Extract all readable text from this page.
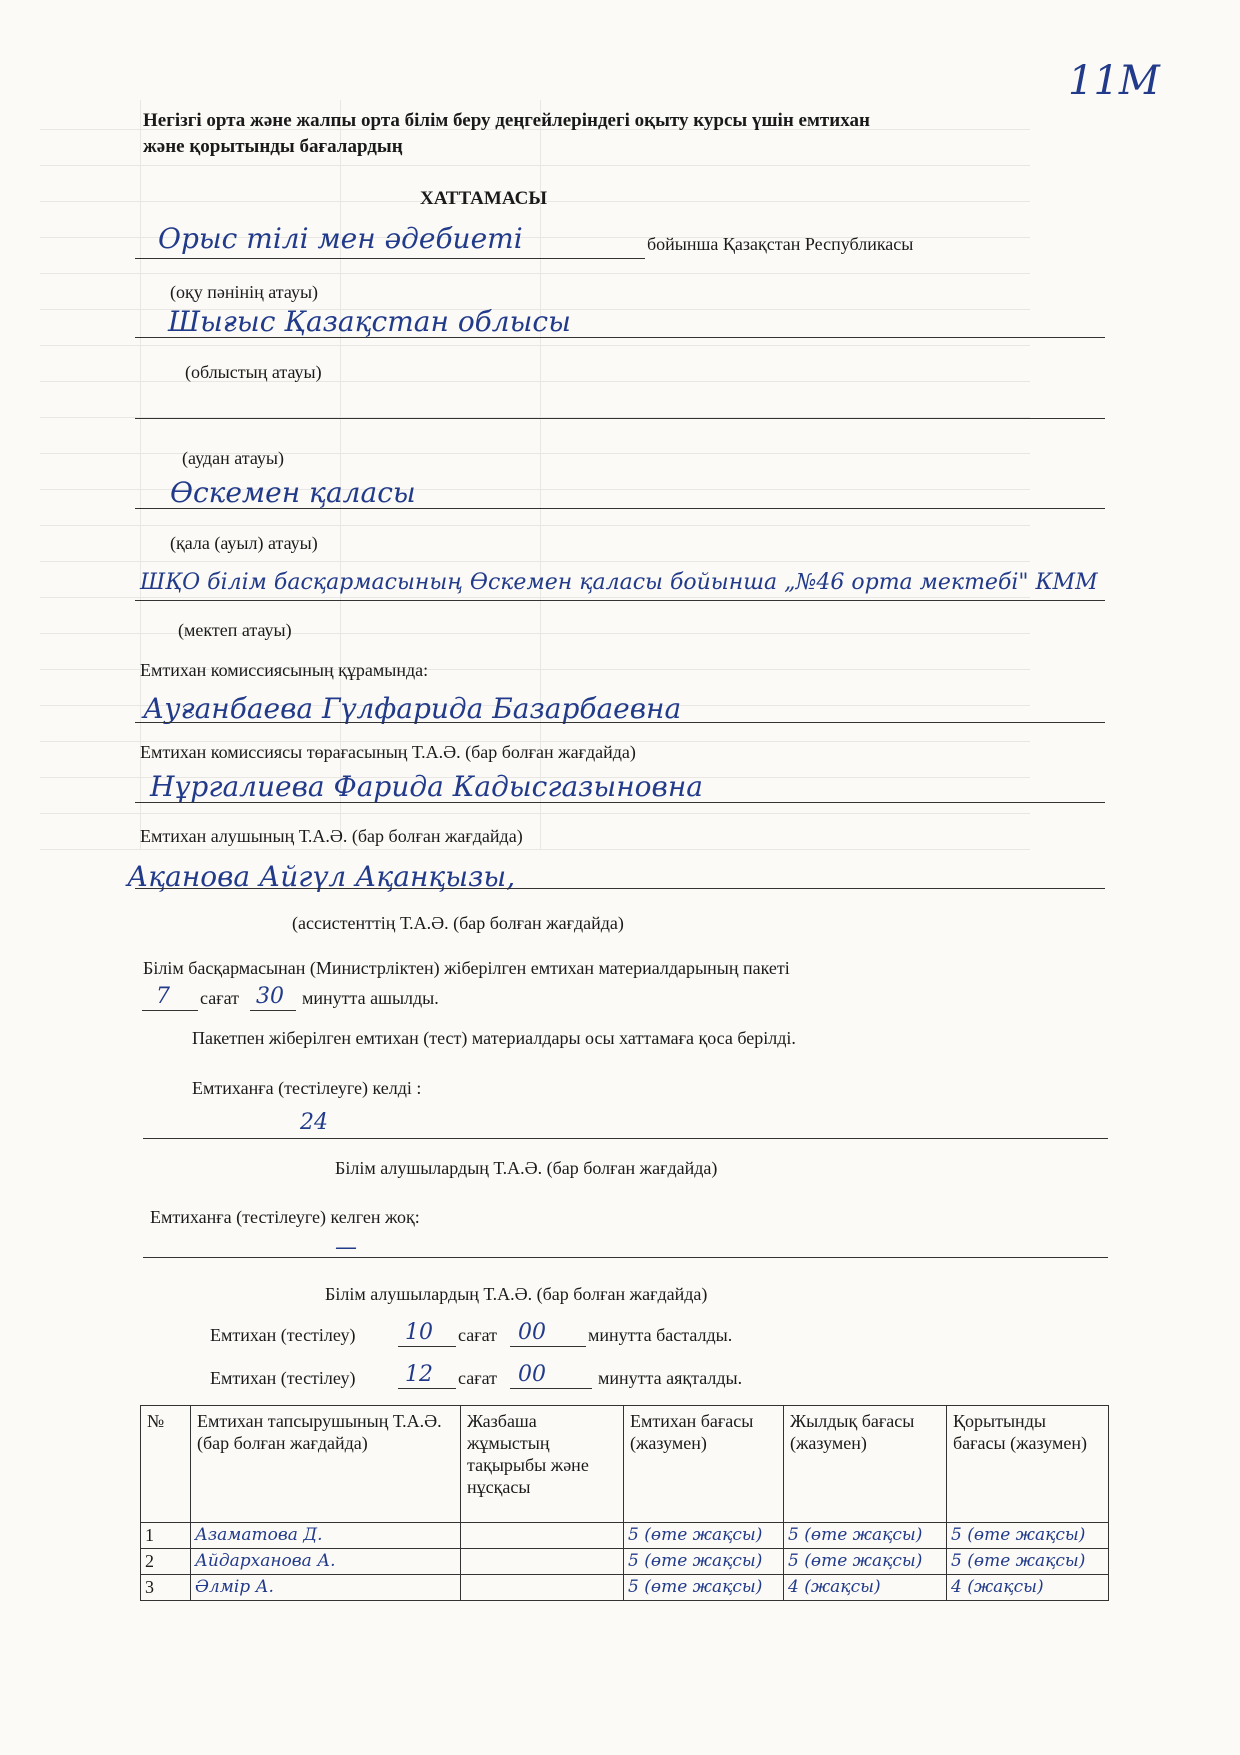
11М
Негізгі орта және жалпы орта білім беру деңгейлеріндегі оқыту курсы үшін емтихан
және қорытынды бағалардың
ХАТТАМАСЫ
Орыс тілі мен әдебиеті	бойынша Қазақстан Республикасы
(оқу пәнінің атауы)
Шығыс Қазақстан облысы
(облыстың атауы)
(аудан атауы)
Өскемен қаласы
(қала (ауыл) атауы)
ШҚО білім басқармасының Өскемен қаласы бойынша „№46 орта мектебі" КММ
(мектеп атауы)
Емтихан комиссиясының құрамында:
Ауғанбаева Гүлфарида Базарбаевна
Емтихан комиссиясы төрағасының Т.А.Ә. (бар болған жағдайда)
Нұргалиева Фарида Кадысгазыновна
Емтихан алушының Т.А.Ә. (бар болған жағдайда)
Ақанова Айгүл Ақанқызы,
(ассистенттің Т.А.Ә. (бар болған жағдайда)
Білім басқармасынан (Министрліктен) жіберілген емтихан материалдарының пакеті
7 сағат 30 минутта ашылды.
Пакетпен жіберілген емтихан (тест) материалдары осы хаттамаға қоса берілді.
Емтиханға (тестілеуге) келді :
24
Білім алушылардың Т.А.Ә. (бар болған жағдайда)
Емтиханға (тестілеуге) келген жоқ:
—
Білім алушылардың Т.А.Ә. (бар болған жағдайда)
Емтихан (тестілеу) 10 сағат 00 минутта басталды.
Емтихан (тестілеу) 12 сағат 00	минутта аяқталды.
№	Емтихан тапсырушының Т.А.Ә. (бар болған жағдайда)	Жазбаша жұмыстың тақырыбы және нұсқасы	Емтихан бағасы (жазумен)	Жылдық бағасы (жазумен)	Қорытынды бағасы (жазумен)
1	Азаматова Д.		5 (өте жақсы)	5 (өте жақсы)	5 (өте жақсы)
2	Айдарханова А.		5 (өте жақсы)	5 (өте жақсы)	5 (өте жақсы)
3	Әлмір А.		5 (өте жақсы)	4 (жақсы)	4 (жақсы)
